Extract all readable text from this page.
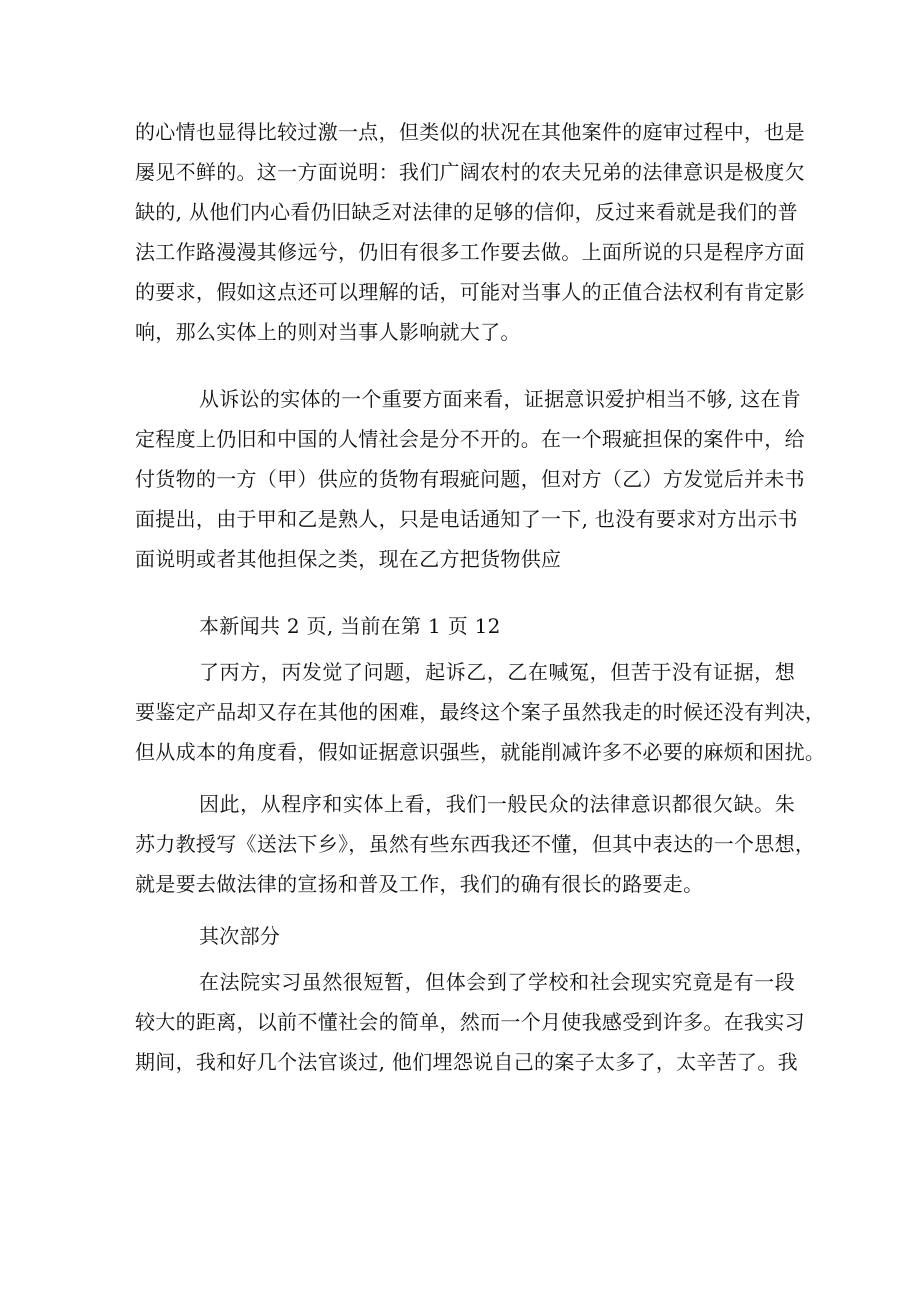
的心情也显得比较过激一点，但类似的状况在其他案件的庭审过程中，也是
屡见不鲜的。这一方面说明：我们广阔农村的农夫兄弟的法律意识是极度欠
缺的, 从他们内心看仍旧缺乏对法律的足够的信仰，反过来看就是我们的普
法工作路漫漫其修远兮，仍旧有很多工作要去做。上面所说的只是程序方面
的要求，假如这点还可以理解的话，可能对当事人的正值合法权利有肯定影
响，那么实体上的则对当事人影响就大了。
从诉讼的实体的一个重要方面来看，证据意识爱护相当不够, 这在肯
定程度上仍旧和中国的人情社会是分不开的。在一个瑕疵担保的案件中，给
付货物的一方（甲）供应的货物有瑕疵问题，但对方（乙）方发觉后并未书
面提出，由于甲和乙是熟人，只是电话通知了一下, 也没有要求对方出示书
面说明或者其他担保之类，现在乙方把货物供应
本新闻共 2 页, 当前在第 1 页 12
了丙方，丙发觉了问题，起诉乙，乙在喊冤，但苦于没有证据，想
要鉴定产品却又存在其他的困难，最终这个案子虽然我走的时候还没有判决，
但从成本的角度看，假如证据意识强些，就能削减许多不必要的麻烦和困扰。
因此，从程序和实体上看，我们一般民众的法律意识都很欠缺。朱
苏力教授写《送法下乡》，虽然有些东西我还不懂，但其中表达的一个思想，
就是要去做法律的宣扬和普及工作，我们的确有很长的路要走。
其次部分
在法院实习虽然很短暂，但体会到了学校和社会现实究竟是有一段
较大的距离，以前不懂社会的简单，然而一个月使我感受到许多。在我实习
期间，我和好几个法官谈过, 他们埋怨说自己的案子太多了，太辛苦了。我
